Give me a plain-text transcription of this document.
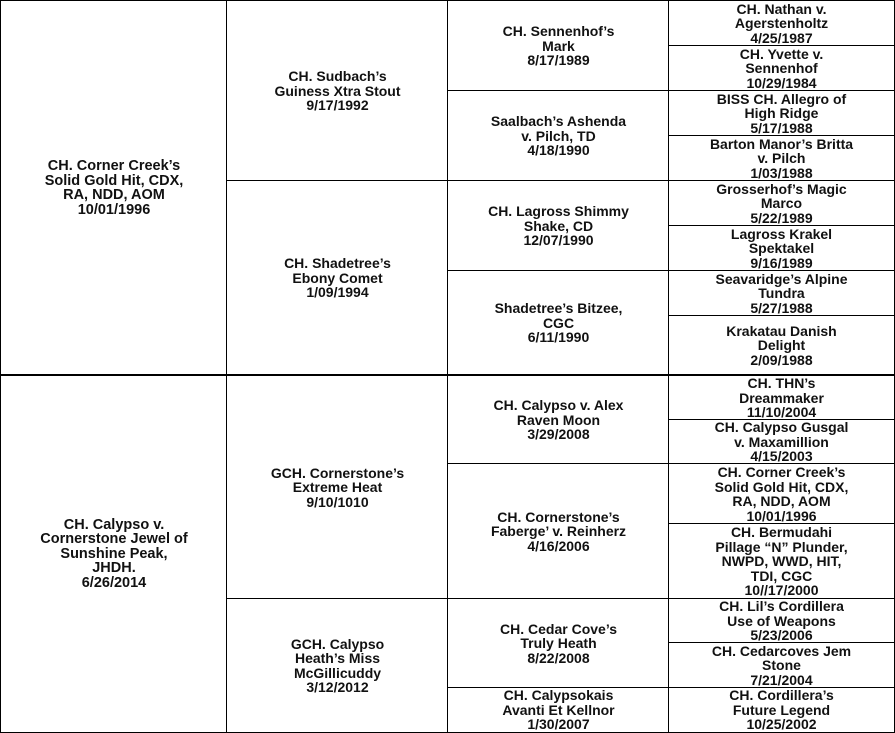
CH. Corner Creek’s
Solid Gold Hit, CDX,
RA, NDD, AOM
10/01/1996
CH. Calypso v.
Cornerstone Jewel of
Sunshine Peak,
JHDH.
6/26/2014
CH. Sudbach’s
Guiness Xtra Stout
9/17/1992
CH. Shadetree’s
Ebony Comet
1/09/1994
GCH. Cornerstone’s
Extreme Heat
9/10/1010
GCH. Calypso
Heath’s Miss
McGillicuddy
3/12/2012
CH. Sennenhof’s
Mark
8/17/1989
Saalbach’s Ashenda
v. Pilch, TD
4/18/1990
CH. Lagross Shimmy
Shake, CD
12/07/1990
Shadetree’s Bitzee,
CGC
6/11/1990
CH. Calypso v. Alex
Raven Moon
3/29/2008
CH. Cornerstone’s
Faberge’ v. Reinherz
4/16/2006
CH. Cedar Cove’s
Truly Heath
8/22/2008
CH. Calypsokais
Avanti Et Kellnor
1/30/2007
CH. Nathan v.
Agerstenholtz
4/25/1987
CH. Yvette v.
Sennenhof
10/29/1984
BISS CH. Allegro of
High Ridge
5/17/1988
Barton Manor’s Britta
v. Pilch
1/03/1988
Grosserhof’s Magic
Marco
5/22/1989
Lagross Krakel
Spektakel
9/16/1989
Seavaridge’s Alpine
Tundra
5/27/1988
Krakatau Danish
Delight
2/09/1988
CH. THN’s
Dreammaker
11/10/2004
CH. Calypso Gusgal
v. Maxamillion
4/15/2003
CH. Corner Creek’s
Solid Gold Hit, CDX,
RA, NDD, AOM
10/01/1996
CH. Bermudahi
Pillage “N” Plunder,
NWPD, WWD, HIT,
TDI, CGC
10//17/2000
CH. Lil’s Cordillera
Use of Weapons
5/23/2006
CH. Cedarcoves Jem
Stone
7/21/2004
CH. Cordillera’s
Future Legend
10/25/2002
